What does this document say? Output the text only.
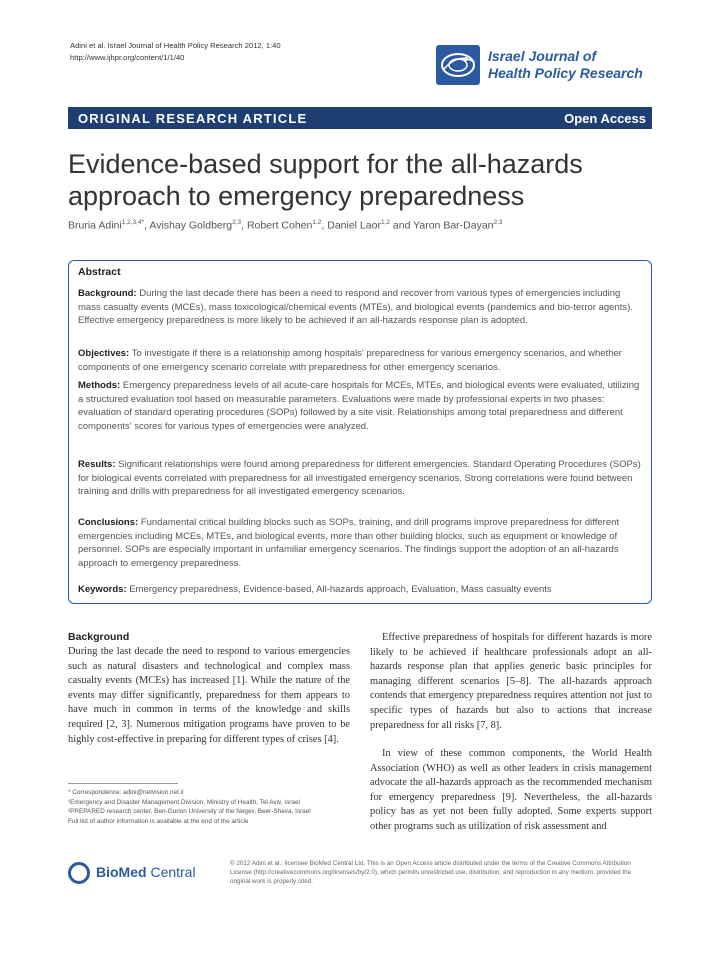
Adini et al. Israel Journal of Health Policy Research 2012, 1:40
http://www.ijhpr.org/content/1/1/40	Israel Journal of
Health Policy Research
ORIGINAL RESEARCH ARTICLE	Open Access
Evidence-based support for the all-hazards
approach to emergency preparedness
Bruria Adini$^{1,2,3,4*}$, Avishay Goldberg$^{2,3}$, Robert Cohen$^{1,2}$, Daniel Laor$^{1,2}$ and Yaron Bar-Dayan$^{2,3}$
Abstract

Background: During the last decade there has been a need to respond and recover from various types of emergencies including mass casualty events (MCEs), mass toxicological/chemical events (MTEs), and biological events (pandemics and bio-terror agents). Effective emergency preparedness is more likely to be achieved if an all-hazards response plan is adopted.

Objectives: To investigate if there is a relationship among hospitals' preparedness for various emergency scenarios, and whether components of one emergency scenario correlate with preparedness for other emergency scenarios.

Methods: Emergency preparedness levels of all acute-care hospitals for MCEs, MTEs, and biological events were evaluated, utilizing a structured evaluation tool based on measurable parameters. Evaluations were made by professional experts in two phases: evaluation of standard operating procedures (SOPs) followed by a site visit. Relationships among total preparedness and different components' scores for various types of emergencies were analyzed.

Results: Significant relationships were found among preparedness for different emergencies. Standard Operating Procedures (SOPs) for biological events correlated with preparedness for all investigated emergency scenarios. Strong correlations were found between training and drills with preparedness for all investigated emergency scenarios.

Conclusions: Fundamental critical building blocks such as SOPs, training, and drill programs improve preparedness for different emergencies including MCEs, MTEs, and biological events, more than other building blocks, such as equipment or knowledge of personnel. SOPs are especially important in unfamiliar emergency scenarios. The findings support the adoption of an all-hazards approach to emergency preparedness.

Keywords: Emergency preparedness, Evidence-based, All-hazards approach, Evaluation, Mass casualty events

Background

During the last decade the need to respond to various emergencies such as natural disasters and technological and complex mass casualty events (MCEs) has increased [1]. While the nature of the events may differ significantly, preparedness for them appears to have much in common in terms of the knowledge and skills required [2, 3]. Numerous mitigation programs have proven to be highly cost-effective in preparing for different types of crises [4].

Effective preparedness of hospitals for different hazards is more likely to be achieved if healthcare professionals adopt an all-hazards response plan that applies generic basic principles for managing different scenarios [5–8]. The all-hazards approach contends that emergency preparedness requires attention not just to specific types of hazards but also to actions that increase preparedness for all risks [7, 8].

In view of these common components, the World Health Association (WHO) as well as other leaders in crisis management advocate the all-hazards approach as the recommended mechanism for emergency preparedness [9]. Nevertheless, the all-hazards policy has as yet not been fully adopted. Some experts support other programs such as utilization of risk assessment and

* Correspondence: adini@netvision.net.il
¹Emergency and Disaster Management Division, Ministry of Health, Tel Aviv, Israel
²PREPARED research center, Ben-Gurion University of the Negev, Beer-Sheva, Israel
Full list of author information is available at the end of the article
BioMed Central
© 2012 Adini et al.; licensee BioMed Central Ltd. This is an Open Access article distributed under the terms of the Creative Commons Attribution License (http://creativecommons.org/licenses/by/2.0), which permits unrestricted use, distribution, and reproduction in any medium, provided the original work is properly cited.
